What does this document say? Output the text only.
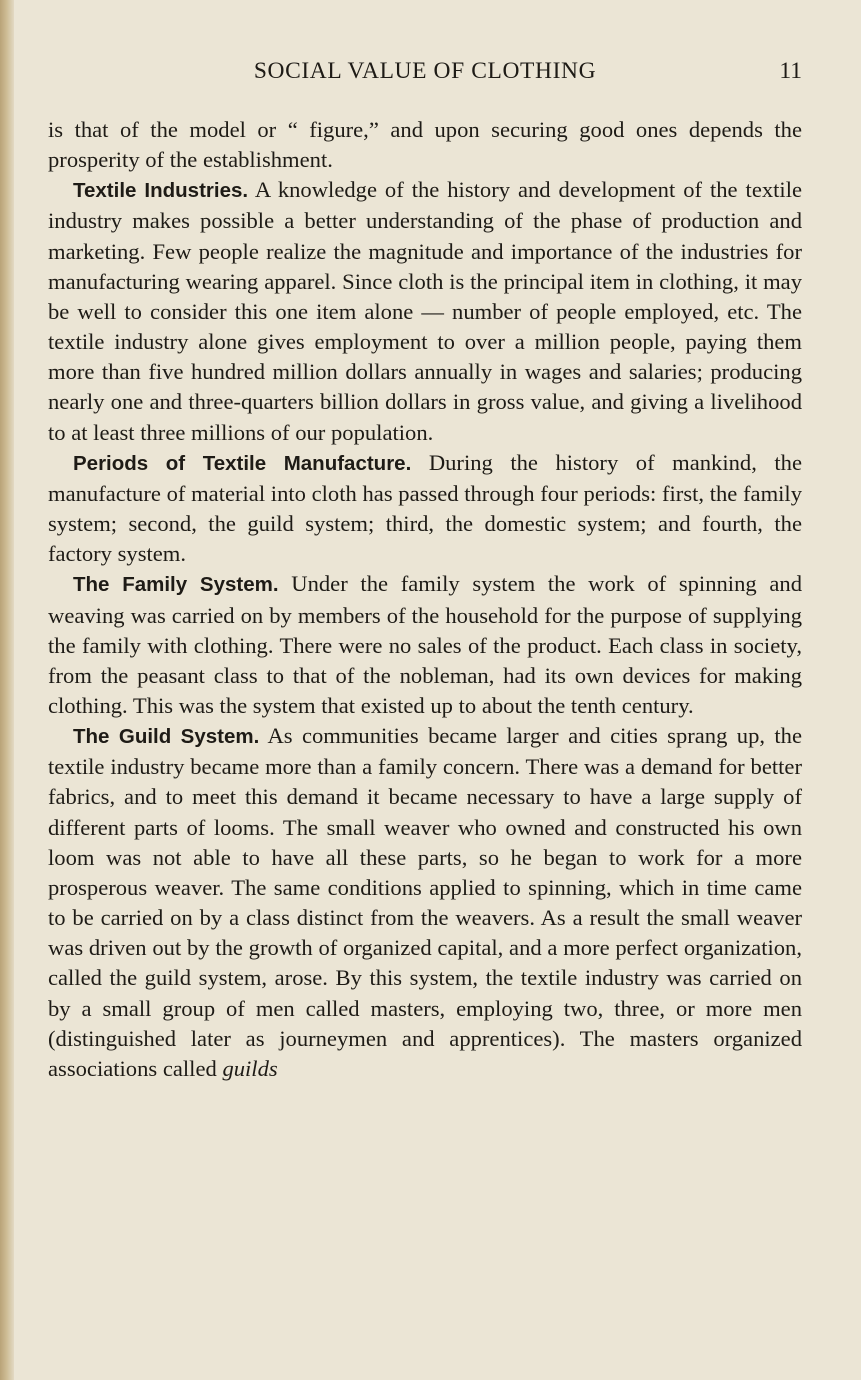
SOCIAL VALUE OF CLOTHING	11

is that of the model or “ figure,” and upon securing good ones depends the prosperity of the establishment.

Textile Industries. A knowledge of the history and development of the textile industry makes possible a better understanding of the phase of production and marketing. Few people realize the magnitude and importance of the industries for manufacturing wearing apparel. Since cloth is the principal item in clothing, it may be well to consider this one item alone — number of people employed, etc. The textile industry alone gives employment to over a million people, paying them more than five hundred million dollars annually in wages and salaries; producing nearly one and three-quarters billion dollars in gross value, and giving a livelihood to at least three millions of our population.

Periods of Textile Manufacture. During the history of mankind, the manufacture of material into cloth has passed through four periods: first, the family system; second, the guild system; third, the domestic system; and fourth, the factory system.

The Family System. Under the family system the work of spinning and weaving was carried on by members of the household for the purpose of supplying the family with clothing. There were no sales of the product. Each class in society, from the peasant class to that of the nobleman, had its own devices for making clothing. This was the system that existed up to about the tenth century.

The Guild System. As communities became larger and cities sprang up, the textile industry became more than a family concern. There was a demand for better fabrics, and to meet this demand it became necessary to have a large supply of different parts of looms. The small weaver who owned and constructed his own loom was not able to have all these parts, so he began to work for a more prosperous weaver. The same conditions applied to spinning, which in time came to be carried on by a class distinct from the weavers. As a result the small weaver was driven out by the growth of organized capital, and a more perfect organization, called the guild system, arose. By this system, the textile industry was carried on by a small group of men called masters, employing two, three, or more men (distinguished later as journeymen and apprentices). The masters organized associations called guilds
